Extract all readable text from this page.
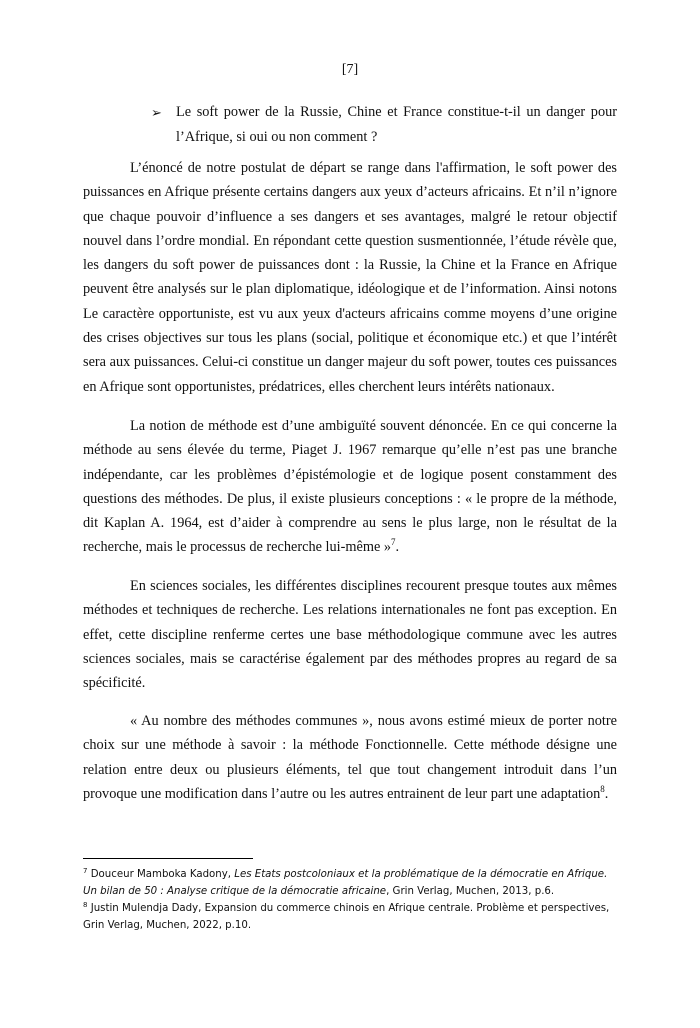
[7]
➢ Le soft power de la Russie, Chine et France constitue-t-il un danger pour l’Afrique, si oui ou non comment ?

L’énoncé de notre postulat de départ se range dans l'affirmation, le soft power des puissances en Afrique présente certains dangers aux yeux d’acteurs africains. Et n’il n’ignore que chaque pouvoir d’influence a ses dangers et ses avantages, malgré le retour objectif nouvel dans l’ordre mondial. En répondant cette question susmentionnée, l’étude révèle que, les dangers du soft power de puissances dont : la Russie, la Chine et la France en Afrique peuvent être analysés sur le plan diplomatique, idéologique et de l’information. Ainsi notons Le caractère opportuniste, est vu aux yeux d'acteurs africains comme moyens d’une origine des crises objectives sur tous les plans (social, politique et économique etc.) et que l’intérêt sera aux puissances. Celui-ci constitue un danger majeur du soft power, toutes ces puissances en Afrique sont opportunistes, prédatrices, elles cherchent leurs intérêts nationaux.

La notion de méthode est d’une ambiguïté souvent dénoncée. En ce qui concerne la méthode au sens élevée du terme, Piaget J. 1967 remarque qu’elle n’est pas une branche indépendante, car les problèmes d’épistémologie et de logique posent constamment des questions des méthodes. De plus, il existe plusieurs conceptions : « le propre de la méthode, dit Kaplan A. 1964, est d’aider à comprendre au sens le plus large, non le résultat de la recherche, mais le processus de recherche lui-même »$^7$.

En sciences sociales, les différentes disciplines recourent presque toutes aux mêmes méthodes et techniques de recherche. Les relations internationales ne font pas exception. En effet, cette discipline renferme certes une base méthodologique commune avec les autres sciences sociales, mais se caractérise également par des méthodes propres au regard de sa spécificité.

« Au nombre des méthodes communes », nous avons estimé mieux de porter notre choix sur une méthode à savoir : la méthode Fonctionnelle. Cette méthode désigne une relation entre deux ou plusieurs éléments, tel que tout changement introduit dans l’un provoque une modification dans l’autre ou les autres entrainent de leur part une adaptation$^8$.

$^7$ Douceur Mamboka Kadony, Les Etats postcoloniaux et la problématique de la démocratie en Afrique. Un bilan de 50 : Analyse critique de la démocratie africaine, Grin Verlag, Muchen, 2013, p.6.

$^8$ Justin Mulendja Dady, Expansion du commerce chinois en Afrique centrale. Problème et perspectives, Grin Verlag, Muchen, 2022, p.10.
